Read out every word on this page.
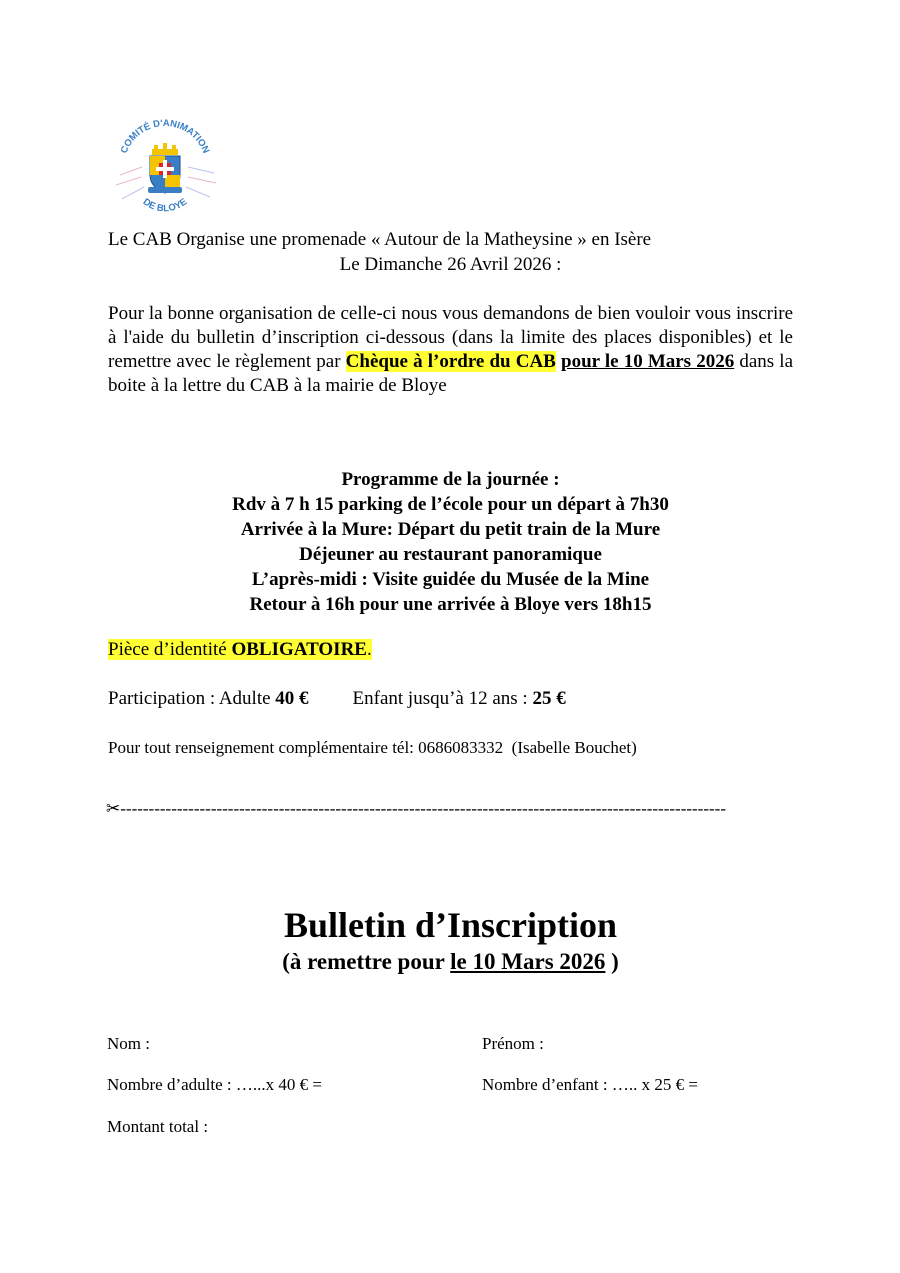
COMITÉ D'ANIMATION
DE BLOYE
Le CAB Organise une promenade « Autour de la Matheysine » en Isère
Le Dimanche 26 Avril 2026 :
Pour la bonne organisation de celle-ci nous vous demandons de bien vouloir vous inscrire à l'aide du bulletin d’inscription ci-dessous (dans la limite des places disponibles) et le remettre avec le règlement par Chèque à l’ordre du CAB pour le 10 Mars 2026 dans la boite à la lettre du CAB à la mairie de Bloye
Programme de la journée :
Rdv à 7 h 15 parking de l’école pour un départ à 7h30
Arrivée à la Mure: Départ du petit train de la Mure
Déjeuner au restaurant panoramique
L’après-midi : Visite guidée du Musée de la Mine
Retour à 16h pour une arrivée à Bloye vers 18h15
Pièce d’identité OBLIGATOIRE.
Participation : Adulte 40 € Enfant jusqu’à 12 ans : 25 €
Pour tout renseignement complémentaire tél: 0686083332  (Isabelle Bouchet)
✂-----------------------------------------------------------------------------------------------------------
Bulletin d’Inscription
(à remettre pour le 10 Mars 2026 )
Nom :	Prénom :
Nombre d’adulte : …...x 40 € =	Nombre d’enfant : ….. x 25 € =
Montant total :
